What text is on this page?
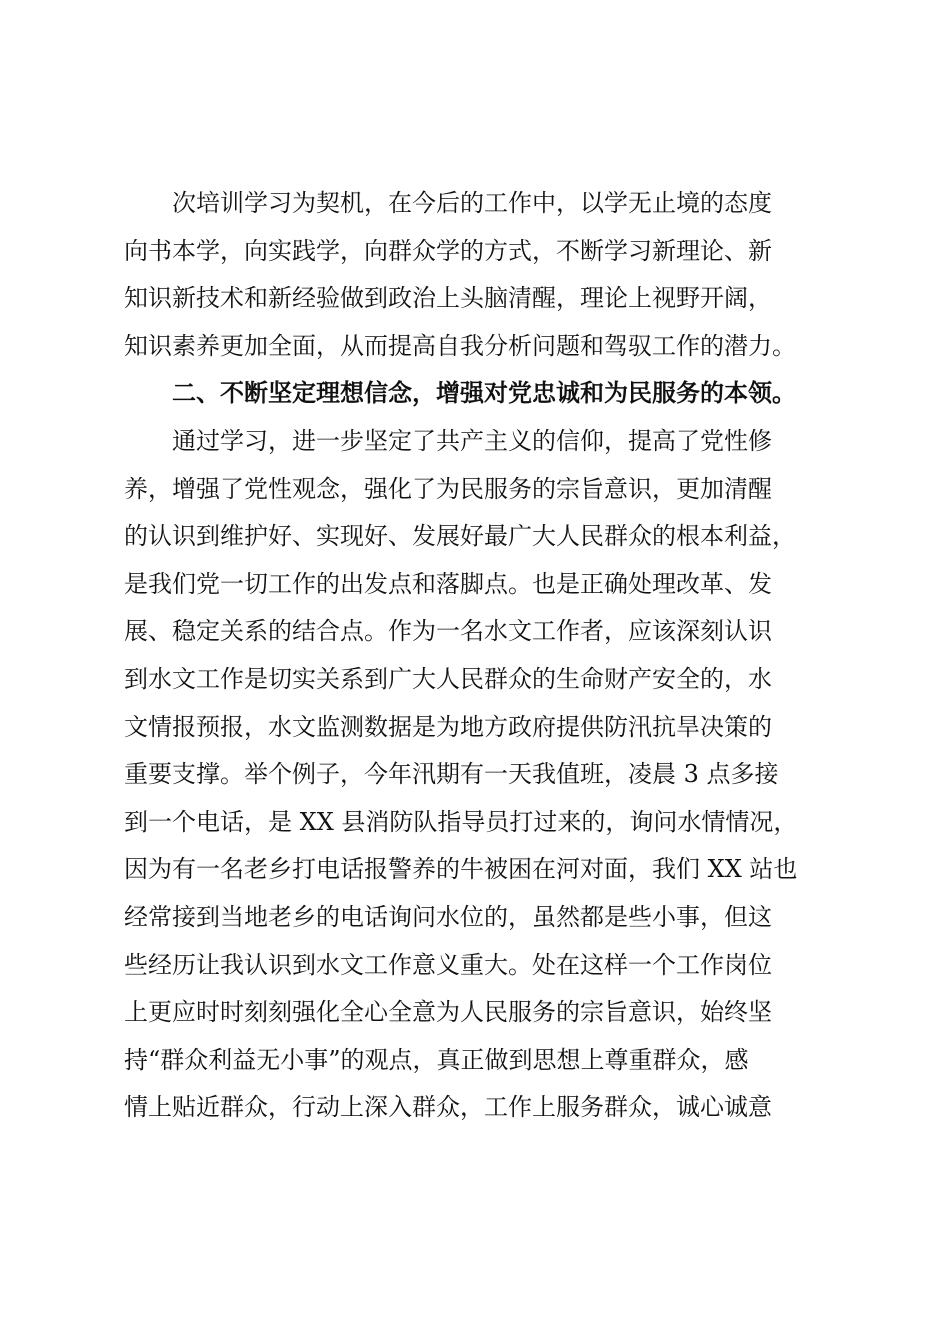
次培训学习为契机，在今后的工作中，以学无止境的态度
向书本学，向实践学，向群众学的方式，不断学习新理论、新
知识新技术和新经验做到政治上头脑清醒，理论上视野开阔，
知识素养更加全面，从而提高自我分析问题和驾驭工作的潜力。
二、不断坚定理想信念，增强对党忠诚和为民服务的本领。
通过学习，进一步坚定了共产主义的信仰，提高了党性修
养，增强了党性观念，强化了为民服务的宗旨意识，更加清醒
的认识到维护好、实现好、发展好最广大人民群众的根本利益，
是我们党一切工作的出发点和落脚点。也是正确处理改革、发
展、稳定关系的结合点。作为一名水文工作者，应该深刻认识
到水文工作是切实关系到广大人民群众的生命财产安全的，水
文情报预报，水文监测数据是为地方政府提供防汛抗旱决策的
重要支撑。举个例子，今年汛期有一天我值班，凌晨 3 点多接
到一个电话，是 XX 县消防队指导员打过来的，询问水情情况，
因为有一名老乡打电话报警养的牛被困在河对面，我们 XX 站也
经常接到当地老乡的电话询问水位的，虽然都是些小事，但这
些经历让我认识到水文工作意义重大。处在这样一个工作岗位
上更应时时刻刻强化全心全意为人民服务的宗旨意识，始终坚
持“群众利益无小事”的观点，真正做到思想上尊重群众，感
情上贴近群众，行动上深入群众，工作上服务群众，诚心诚意
